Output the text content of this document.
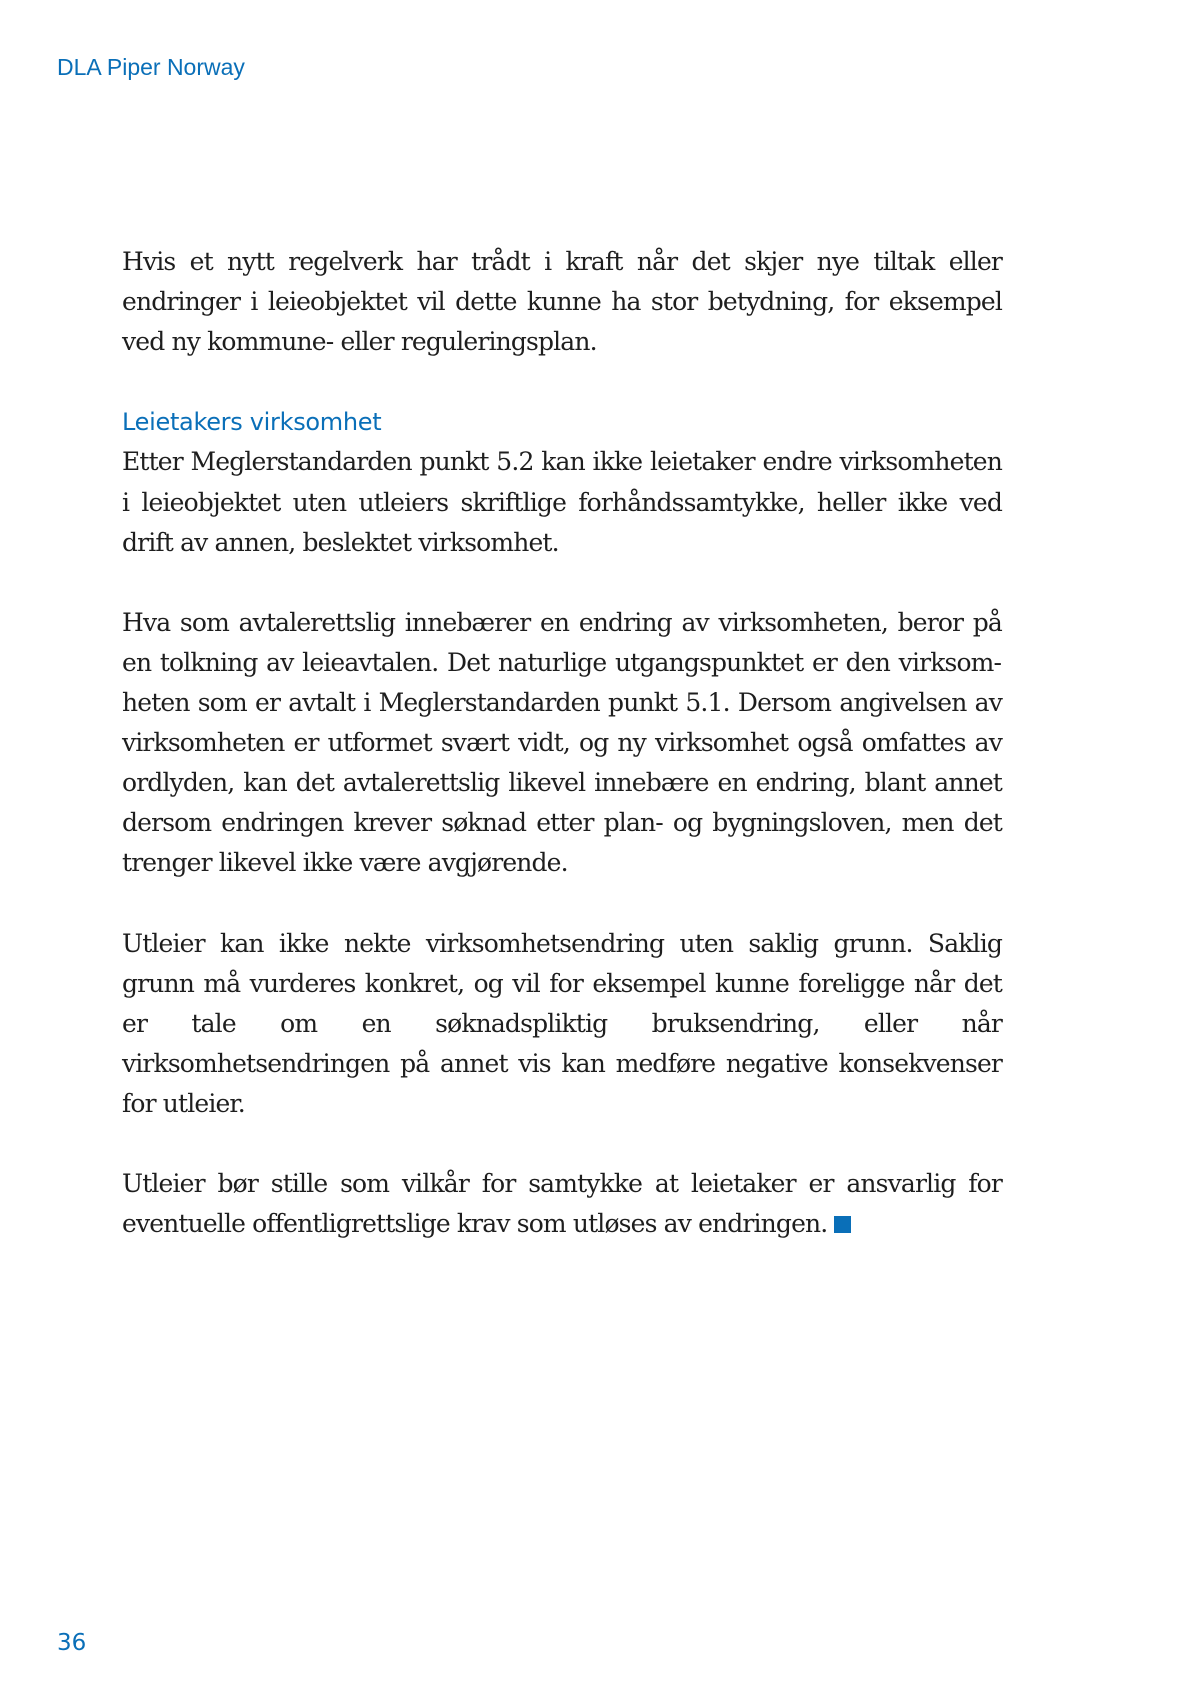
DLA Piper Norway

Hvis et nytt regelverk har trådt i kraft når det skjer nye tiltak eller endringer i leieobjektet vil dette kunne ha stor betydning, for eksempel ved ny kommune- eller reguleringsplan.

Leietakers virksomhet

Etter Meglerstandarden punkt 5.2 kan ikke leietaker endre virksomheten i leieobjektet uten utleiers skriftlige forhåndssamtykke, heller ikke ved drift av annen, beslektet virksomhet.

Hva som avtalerettslig innebærer en endring av virksomheten, beror på en tolkning av leieavtalen. Det naturlige utgangspunktet er den virksomheten som er avtalt i Meglerstandarden punkt 5.1. Dersom angivelsen av virksomheten er utformet svært vidt, og ny virksomhet også omfattes av ordlyden, kan det avtalerettslig likevel innebære en endring, blant annet dersom endringen krever søknad etter plan- og bygningsloven, men det trenger likevel ikke være avgjørende.

Utleier kan ikke nekte virksomhetsendring uten saklig grunn. Saklig grunn må vurderes konkret, og vil for eksempel kunne foreligge når det er tale om en søknadspliktig bruksendring, eller når virksomhetsendringen på annet vis kan medføre negative konsekvenser for utleier.

Utleier bør stille som vilkår for samtykke at leietaker er ansvarlig for eventuelle offentligrettslige krav som utløses av endringen.

36
